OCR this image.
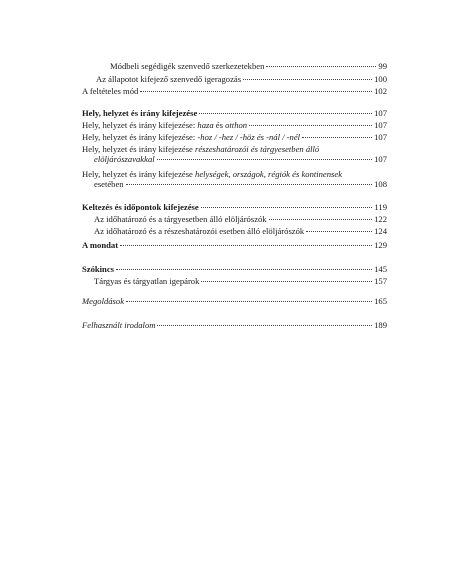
Módbeli segédigék szenvedő szerkezetekben	99
Az állapotot kifejező szenvedő igeragozás	100
A feltételes mód	102
Hely, helyzet és irány kifejezése	107
Hely, helyzet és irány kifejezése: haza és otthon	107
Hely, helyzet és irány kifejezése: -hoz / -hez / -höz és -nál / -nél	107
Hely, helyzet és irány kifejezése részeshatározói és tárgyesetben álló
elöljárószavakkal	107
Hely, helyzet és irány kifejezése helységek, országok, régiók és kontinensek
esetében	108
Keltezés és időpontok kifejezése	119
Az időhatározó és a tárgyesetben álló elöljárószók	122
Az időhatározó és a részeshatározói esetben álló elöljárószók	124
A mondat	129
Szókincs	145
Tárgyas és tárgyatlan igepárok	157
Megoldások	165
Felhasznált irodalom	189
